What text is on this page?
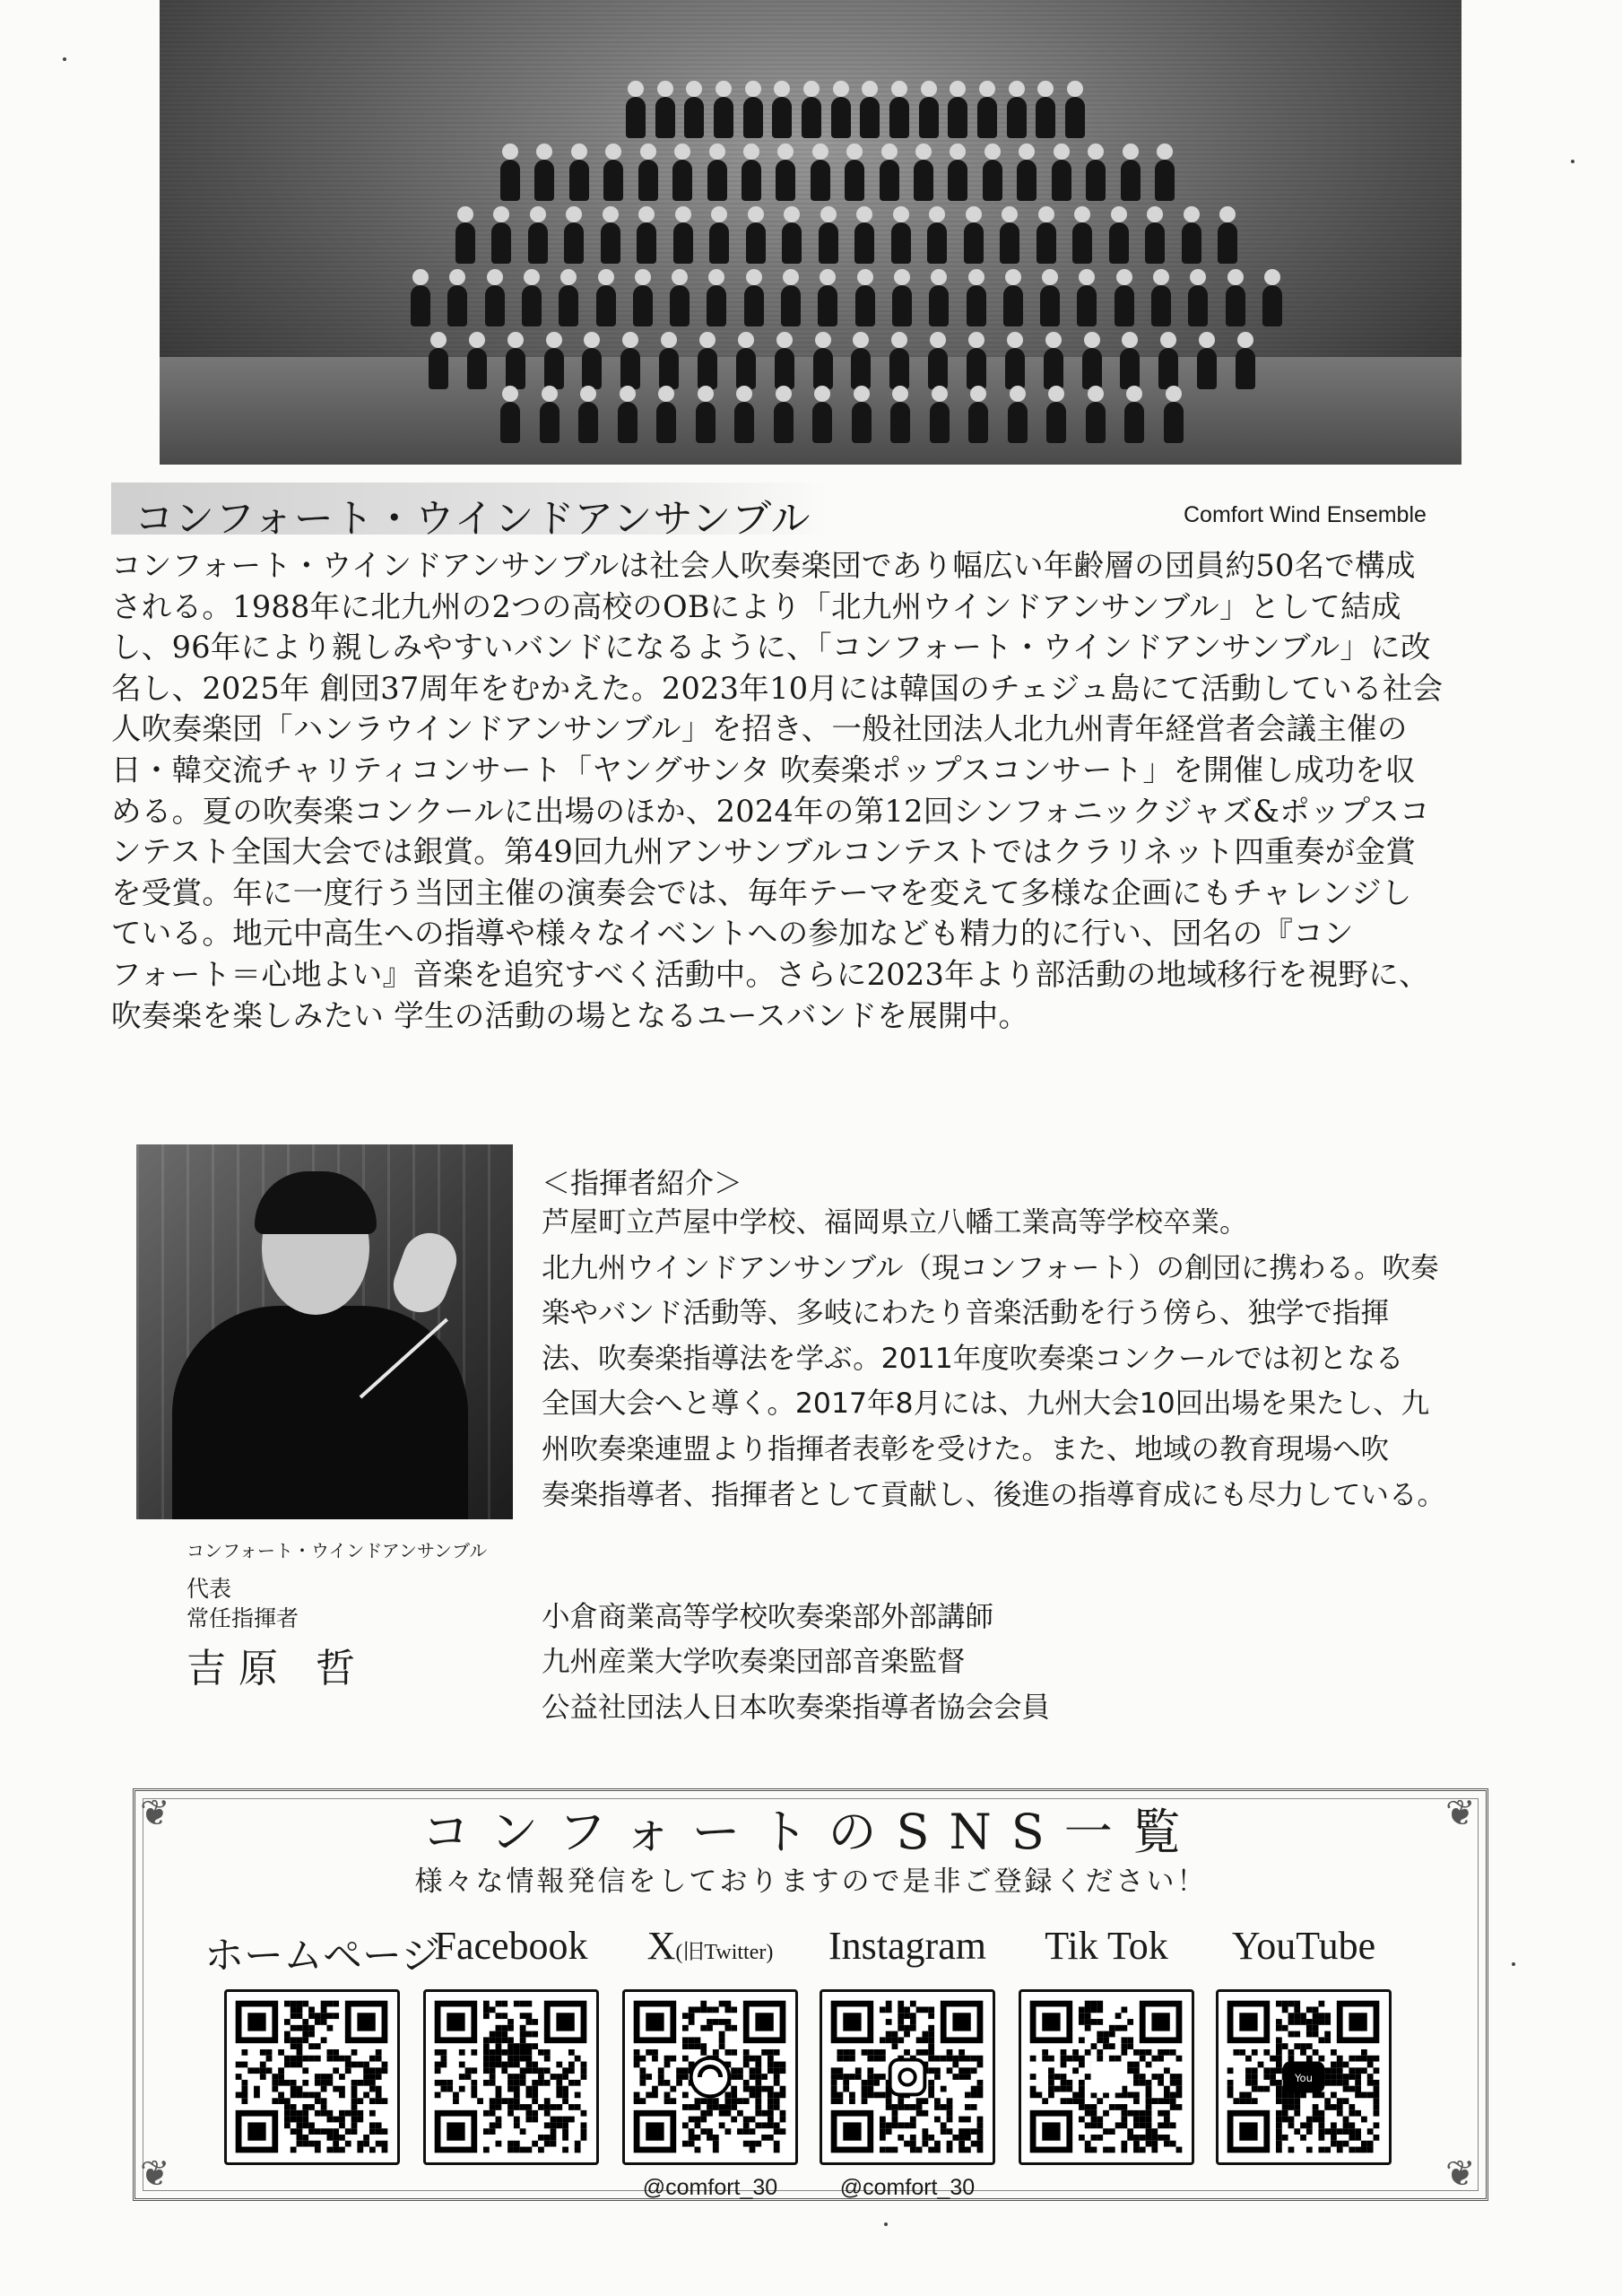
コンフォート・ウインドアンサンブル	Comfort Wind Ensemble
コンフォート・ウインドアンサンブルは社会人吹奏楽団であり幅広い年齢層の団員約50名で構成
される。1988年に北九州の2つの高校のOBにより「北九州ウインドアンサンブル」として結成
し、96年により親しみやすいバンドになるように、「コンフォート・ウインドアンサンブル」に改
名し、2025年 創団37周年をむかえた。2023年10月には韓国のチェジュ島にて活動している社会
人吹奏楽団「ハンラウインドアンサンブル」を招き、一般社団法人北九州青年経営者会議主催の
日・韓交流チャリティコンサート「ヤングサンタ 吹奏楽ポップスコンサート」を開催し成功を収
める。夏の吹奏楽コンクールに出場のほか、2024年の第12回シンフォニックジャズ&ポップスコ
ンテスト全国大会では銀賞。第49回九州アンサンブルコンテストではクラリネット四重奏が金賞
を受賞。年に一度行う当団主催の演奏会では、毎年テーマを変えて多様な企画にもチャレンジし
ている。地元中高生への指導や様々なイベントへの参加なども精力的に行い、団名の『コン
フォート＝心地よい』音楽を追究すべく活動中。さらに2023年より部活動の地域移行を視野に、
吹奏楽を楽しみたい 学生の活動の場となるユースバンドを展開中。
コンフォート・ウインドアンサンブル
代表
常任指揮者
吉原 哲
＜指揮者紹介＞
芦屋町立芦屋中学校、福岡県立八幡工業高等学校卒業。
北九州ウインドアンサンブル（現コンフォート）の創団に携わる。吹奏
楽やバンド活動等、多岐にわたり音楽活動を行う傍ら、独学で指揮
法、吹奏楽指導法を学ぶ。2011年度吹奏楽コンクールでは初となる
全国大会へと導く。2017年8月には、九州大会10回出場を果たし、九
州吹奏楽連盟より指揮者表彰を受けた。また、地域の教育現場へ吹
奏楽指導者、指揮者として貢献し、後進の指導育成にも尽力している。
小倉商業高等学校吹奏楽部外部講師
九州産業大学吹奏楽団部音楽監督
公益社団法人日本吹奏楽指導者協会会員
❦	❦
❦	❦
コンフォートのSNS一覧
様々な情報発信をしておりますので是非ご登録ください！
ホームページ
Facebook	X(旧Twitter)
@comfort_30
Instagram
@comfort_30
Tik Tok	YouTube
You
